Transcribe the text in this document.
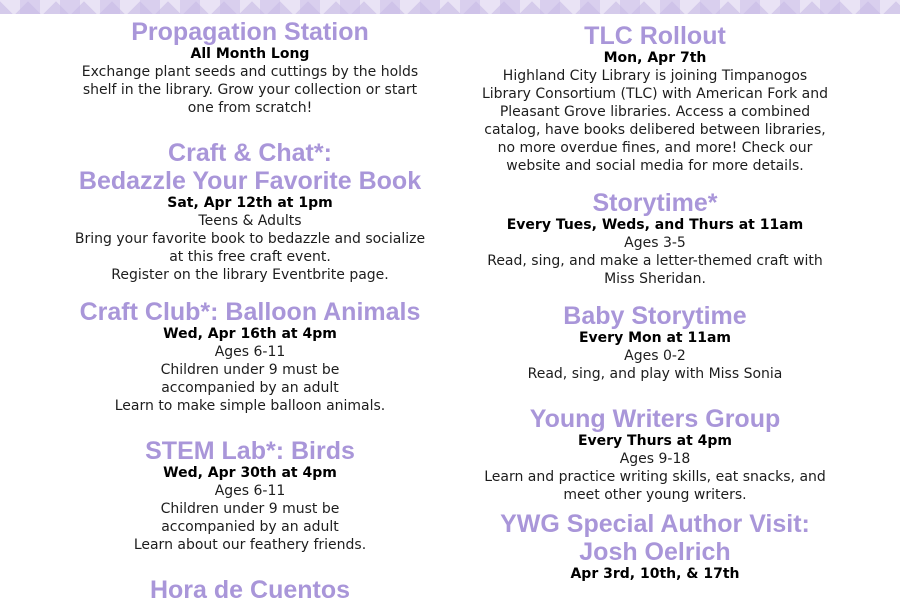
Propagation Station
All Month Long
Exchange plant seeds and cuttings by the holds
shelf in the library. Grow your collection or start
one from scratch!
Craft & Chat*:
Bedazzle Your Favorite Book
Sat, Apr 12th at 1pm
Teens & Adults
Bring your favorite book to bedazzle and socialize
at this free craft event.
Register on the library Eventbrite page.
Craft Club*: Balloon Animals
Wed, Apr 16th at 4pm
Ages 6-11
Children under 9 must be
accompanied by an adult
Learn to make simple balloon animals.
STEM Lab*: Birds
Wed, Apr 30th at 4pm
Ages 6-11
Children under 9 must be
accompanied by an adult
Learn about our feathery friends.
Hora de Cuentos
TLC Rollout
Mon, Apr 7th
Highland City Library is joining Timpanogos
Library Consortium (TLC) with American Fork and
Pleasant Grove libraries. Access a combined
catalog, have books delibered between libraries,
no more overdue fines, and more! Check our
website and social media for more details.
Storytime*
Every Tues, Weds, and Thurs at 11am
Ages 3-5
Read, sing, and make a letter-themed craft with
Miss Sheridan.
Baby Storytime
Every Mon at 11am
Ages 0-2
Read, sing, and play with Miss Sonia
Young Writers Group
Every Thurs at 4pm
Ages 9-18
Learn and practice writing skills, eat snacks, and
meet other young writers.
YWG Special Author Visit:
Josh Oelrich
Apr 3rd, 10th, & 17th
